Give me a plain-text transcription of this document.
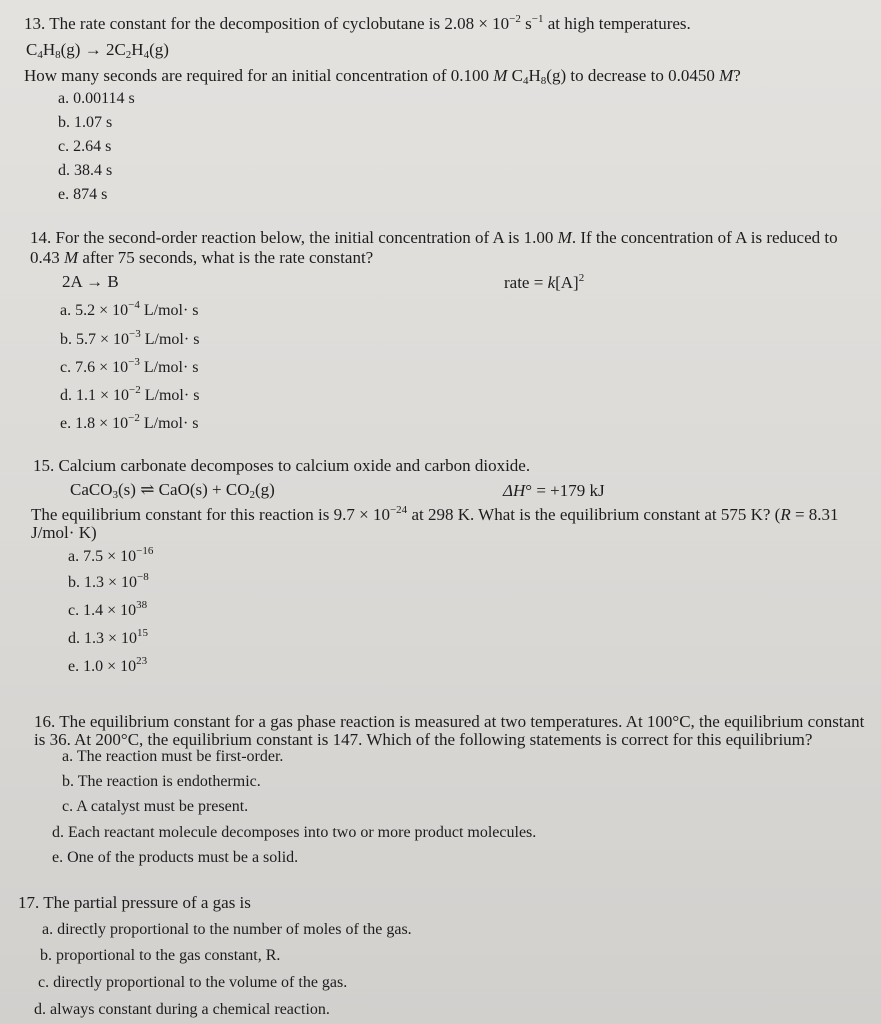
13. The rate constant for the decomposition of cyclobutane is $2.08 \times 10^{-2}$ $s^{-1}$ at high temperatures.
$C_4H_8(g) \to 2C_2H_4(g)$
How many seconds are required for an initial concentration of 0.100 M $C_4H_8(g)$ to decrease to 0.0450 M?
a. 0.00114 s
b. 1.07 s
c. 2.64 s
d. 38.4 s
e. 874 s
14. For the second-order reaction below, the initial concentration of A is 1.00 M. If the concentration of A is reduced to
0.43 M after 75 seconds, what is the rate constant?
2A → B	rate = $k[A]^2$
a. $5.2 \times 10^{-4}$ L/mol· s
b. $5.7 \times 10^{-3}$ L/mol· s
c. $7.6 \times 10^{-3}$ L/mol· s
d. $1.1 \times 10^{-2}$ L/mol· s
e. $1.8 \times 10^{-2}$ L/mol· s
15. Calcium carbonate decomposes to calcium oxide and carbon dioxide.
CaCO$_3$(s) ⇌ $CaO(s) + CO_2(g)$	ΔH° = +179 kJ
The equilibrium constant for this reaction is $9.7 \times 10^{-24}$ at 298 K. What is the equilibrium constant at 575 K? (R = 8.31
J/mol· K)
a. $7.5 \times 10^{-16}$
b. $1.3 \times 10^{-8}$
c. $1.4 \times 10^{38}$
d. $1.3 \times 10^{15}$
e. $1.0 \times 10^{23}$
16. The equilibrium constant for a gas phase reaction is measured at two temperatures. At 100°C, the equilibrium constant
is 36. At 200°C, the equilibrium constant is 147. Which of the following statements is correct for this equilibrium?
a. The reaction must be first-order.
b. The reaction is endothermic.
c. A catalyst must be present.
d. Each reactant molecule decomposes into two or more product molecules.
e. One of the products must be a solid.
17. The partial pressure of a gas is
a. directly proportional to the number of moles of the gas.
b. proportional to the gas constant, R.
c. directly proportional to the volume of the gas.
d. always constant during a chemical reaction.
